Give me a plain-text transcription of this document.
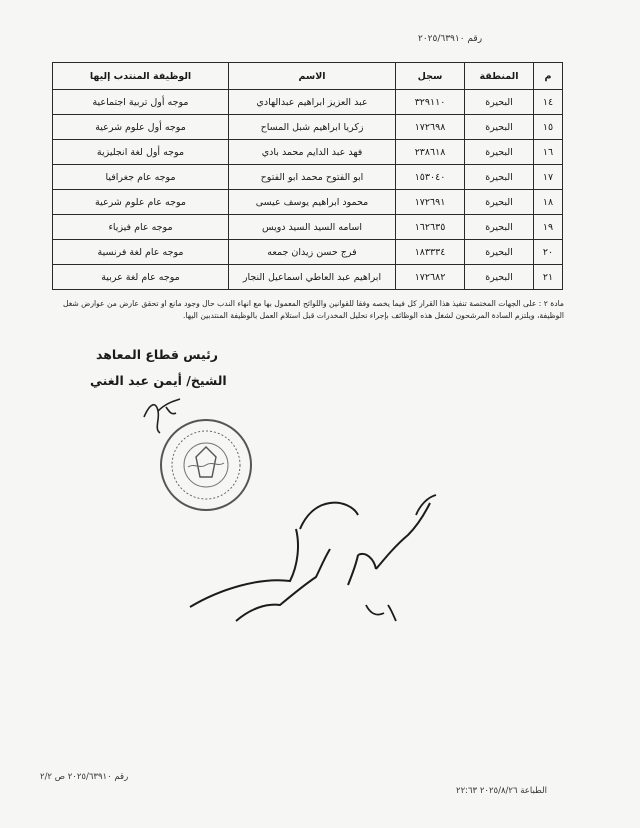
رقم ٢٠٢٥/٦٣٩١٠
م	المنطقة	سجل	الاسم	الوظيفة المنتدب إليها
١٤	البحيرة	٣٢٩١١٠	عبد العزيز ابراهيم عبدالهادي	موجه أول تربية اجتماعية
١٥	البحيرة	١٧٢٦٩٨	زكريا ابراهيم شبل المساح	موجه أول علوم شرعية
١٦	البحيرة	٢٣٨٦١٨	فهد عبد الدايم محمد بادي	موجه أول لغة انجليزية
١٧	البحيرة	١٥٣٠٤٠	ابو الفتوح محمد ابو الفتوح	موجه عام جغرافيا
١٨	البحيرة	١٧٢٦٩١	محمود ابراهيم يوسف عيسى	موجه عام علوم شرعية
١٩	البحيرة	١٦٢٦٣٥	اسامه السيد السيد دويس	موجه عام فيزياء
٢٠	البحيرة	١٨٣٣٣٤	فرج حسن زيدان جمعه	موجه عام لغة فرنسية
٢١	البحيرة	١٧٢٦٨٢	ابراهيم عبد العاطي اسماعيل النجار	موجه عام لغة عربية
مادة ٢ : على الجهات المختصة تنفيذ هذا القرار كل فيما يخصه وفقا للقوانين واللوائح المعمول بها مع انهاء الندب حال وجود مانع او تحقق عارض من عوارض شغل الوظيفة، ويلتزم السادة المرشحون لشغل هذه الوظائف بإجراء تحليل المخدرات قبل استلام العمل بالوظيفة المنتدبين اليها.
رئيس قطاع المعاهد
الشيخ/ أيمن عبد الغني
رقم ٢٠٢٥/٦٣٩١٠ ص ٢/٢
الطباعة ٢٠٢٥/٨/٢٦ ٢٢:٦٣
